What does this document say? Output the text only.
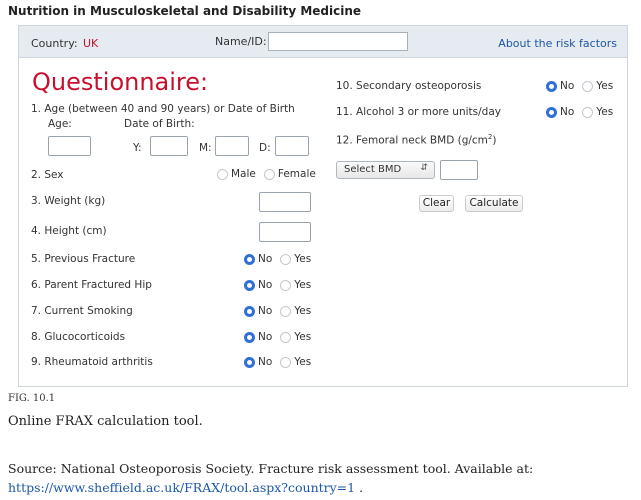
Nutrition in Musculoskeletal and Disability Medicine
Country: UK	Name/ID:	About the risk factors
Questionnaire:
1. Age (between 40 and 90 years) or Date of Birth
Age:	Date of Birth:
Y:	M:	D:
2. Sex	Male Female
3. Weight (kg)
4. Height (cm)
5. Previous Fracture	No Yes
6. Parent Fractured Hip	No Yes
7. Current Smoking	No Yes
8. Glucocorticoids	No Yes
9. Rheumatoid arthritis	No Yes
10. Secondary osteoporosis	No Yes
11. Alcohol 3 or more units/day	No Yes
12. Femoral neck BMD $(g/cm^2)$
Select BMD ⇵
Clear	Calculate
FIG. 10.1
Online FRAX calculation tool.
Source: National Osteoporosis Society. Fracture risk assessment tool. Available at:
https://www.sheffield.ac.uk/FRAX/tool.aspx?country=1 .
